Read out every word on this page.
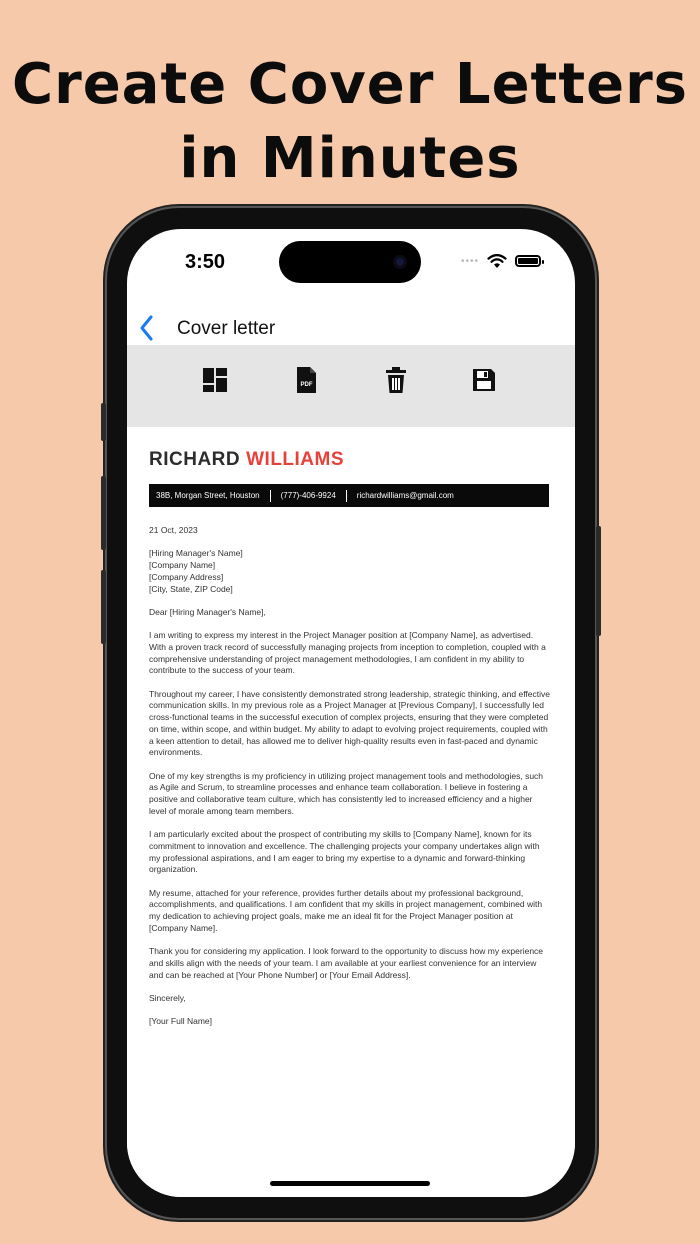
Create Cover Letters
in Minutes
3:50	••••
Cover letter
PDF
RICHARD WILLIAMS
38B, Morgan Street, Houston	(777)-406-9924	richardwilliams@gmail.com

21 Oct, 2023

[Hiring Manager's Name]
[Company Name]
[Company Address]
[City, State, ZIP Code]

Dear [Hiring Manager's Name],

I am writing to express my interest in the Project Manager position at [Company Name], as advertised. With a proven track record of successfully managing projects from inception to completion, coupled with a comprehensive understanding of project management methodologies, I am confident in my ability to contribute to the success of your team.

Throughout my career, I have consistently demonstrated strong leadership, strategic thinking, and effective communication skills. In my previous role as a Project Manager at [Previous Company], I successfully led cross-functional teams in the successful execution of complex projects, ensuring that they were completed on time, within scope, and within budget. My ability to adapt to evolving project requirements, coupled with a keen attention to detail, has allowed me to deliver high-quality results even in fast-paced and dynamic environments.

One of my key strengths is my proficiency in utilizing project management tools and methodologies, such as Agile and Scrum, to streamline processes and enhance team collaboration. I believe in fostering a positive and collaborative team culture, which has consistently led to increased efficiency and a higher level of morale among team members.

I am particularly excited about the prospect of contributing my skills to [Company Name], known for its commitment to innovation and excellence. The challenging projects your company undertakes align with my professional aspirations, and I am eager to bring my expertise to a dynamic and forward-thinking organization.

My resume, attached for your reference, provides further details about my professional background, accomplishments, and qualifications. I am confident that my skills in project management, combined with my dedication to achieving project goals, make me an ideal fit for the Project Manager position at [Company Name].

Thank you for considering my application. I look forward to the opportunity to discuss how my experience and skills align with the needs of your team. I am available at your earliest convenience for an interview and can be reached at [Your Phone Number] or [Your Email Address].

Sincerely,

[Your Full Name]
